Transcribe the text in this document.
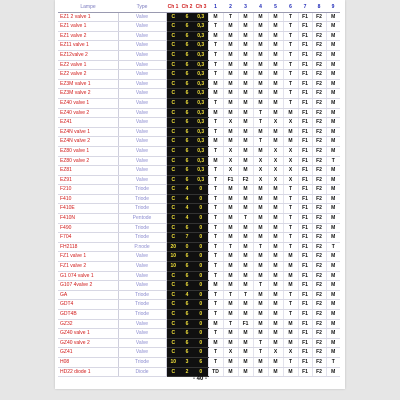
Lampe	Type	Ch 1	Ch 2	Ch 3	1	2	3	4	5	6	7	8	9
EZ1 2 valve 1	Valve	C	6	0,3	M	T	M	M	M	T	F1	F2	M
EZ1 valve 1	Valve	C	6	0,3	T	M	M	M	M	T	F1	F2	M
EZ1 valve 2	Valve	C	6	0,3	M	M	M	M	M	T	F1	F2	M
EZ11 valve 1	Valve	C	6	0,3	T	M	M	M	M	T	F1	F2	M
EZ12valve 2	Valve	C	6	0,3	T	M	M	M	M	T	F1	F2	M
EZ2 valve 1	Valve	C	6	0,3	T	M	M	M	M	T	F1	F2	M
EZ2 valve 2	Valve	C	6	0,3	T	M	M	M	M	T	F1	F2	M
EZ3M valve 1	Valve	C	6	0,3	M	M	M	M	M	T	F1	F2	M
EZ3M valve 2	Valve	C	6	0,3	M	M	M	M	M	T	F1	F2	M
EZ40 valve 1	Valve	C	6	0,3	T	M	M	M	M	T	F1	F2	M
EZ40 valve 2	Valve	C	6	0,3	M	M	M	T	M	M	F1	F2	M
EZ41	Valve	C	6	0,3	T	X	M	T	X	X	F1	F2	M
EZ4N valve 1	Valve	C	6	0,3	T	M	M	M	M	M	F1	F2	M
EZ4N valve 2	Valve	C	6	0,3	M	M	M	T	M	M	F1	F2	M
EZ80 valve 1	Valve	C	6	0,3	T	X	M	M	X	X	F1	F2	M
EZ80 valve 2	Valve	C	6	0,3	M	X	M	X	X	X	F1	F2	T
EZ81	Valve	C	6	0,3	T	X	M	X	X	X	F1	F2	M
EZ91	Valve	C	6	0,3	T	F1	F2	X	X	X	F1	F2	M
F210	Triode	C	4	0	T	M	M	M	M	T	F1	F2	M
F410	Triode	C	4	0	T	M	M	M	M	T	F1	F2	M
F410E	Triode	C	4	0	T	M	M	M	M	T	F1	F2	M
F410N	Pentode	C	4	0	T	M	T	M	M	T	F1	F2	M
F490	Triode	C	6	0	T	M	M	M	M	T	F1	F2	M
F704	Triode	C	7	0	T	M	M	M	M	T	F1	F2	M
FH2118	P.node	20	0	0	T	T	M	T	M	T	F1	F2	T
FZ1 valve 1	Valve	10	6	0	T	M	M	M	M	M	F1	F2	M
FZ1 valve 2	Valve	10	6	0	T	M	M	M	M	M	F1	F2	M
G1 074 valve 1	Valve	C	6	0	T	M	M	M	M	M	F1	F2	M
G107 4valve 2	Valve	C	6	0	M	M	M	T	M	M	F1	F2	M
GA	Triode	C	4	0	T	T	T	M	M	T	F1	F2	M
GDT4	Triode	C	6	0	T	M	M	M	M	T	F1	F2	M
GDT4B	Triode	C	6	0	T	M	M	M	M	T	F1	F2	M
GZ32	Valve	C	6	0	M	T	F1	M	M	M	F1	F2	M
GZ40 valve 1	Valve	C	6	0	T	M	M	M	M	M	F1	F2	M
GZ40 valve 2	Valve	C	6	0	M	M	M	T	M	M	F1	F2	M
GZ41	Valve	C	6	0	T	X	M	T	X	X	F1	F2	M
H08	Triode	10	3	6	T	M	M	M	M	T	F1	F2	T
HD22 diode 1	Diode	C	2	0	TD	M	M	M	M	M	F1	F2	M
- 40 -
